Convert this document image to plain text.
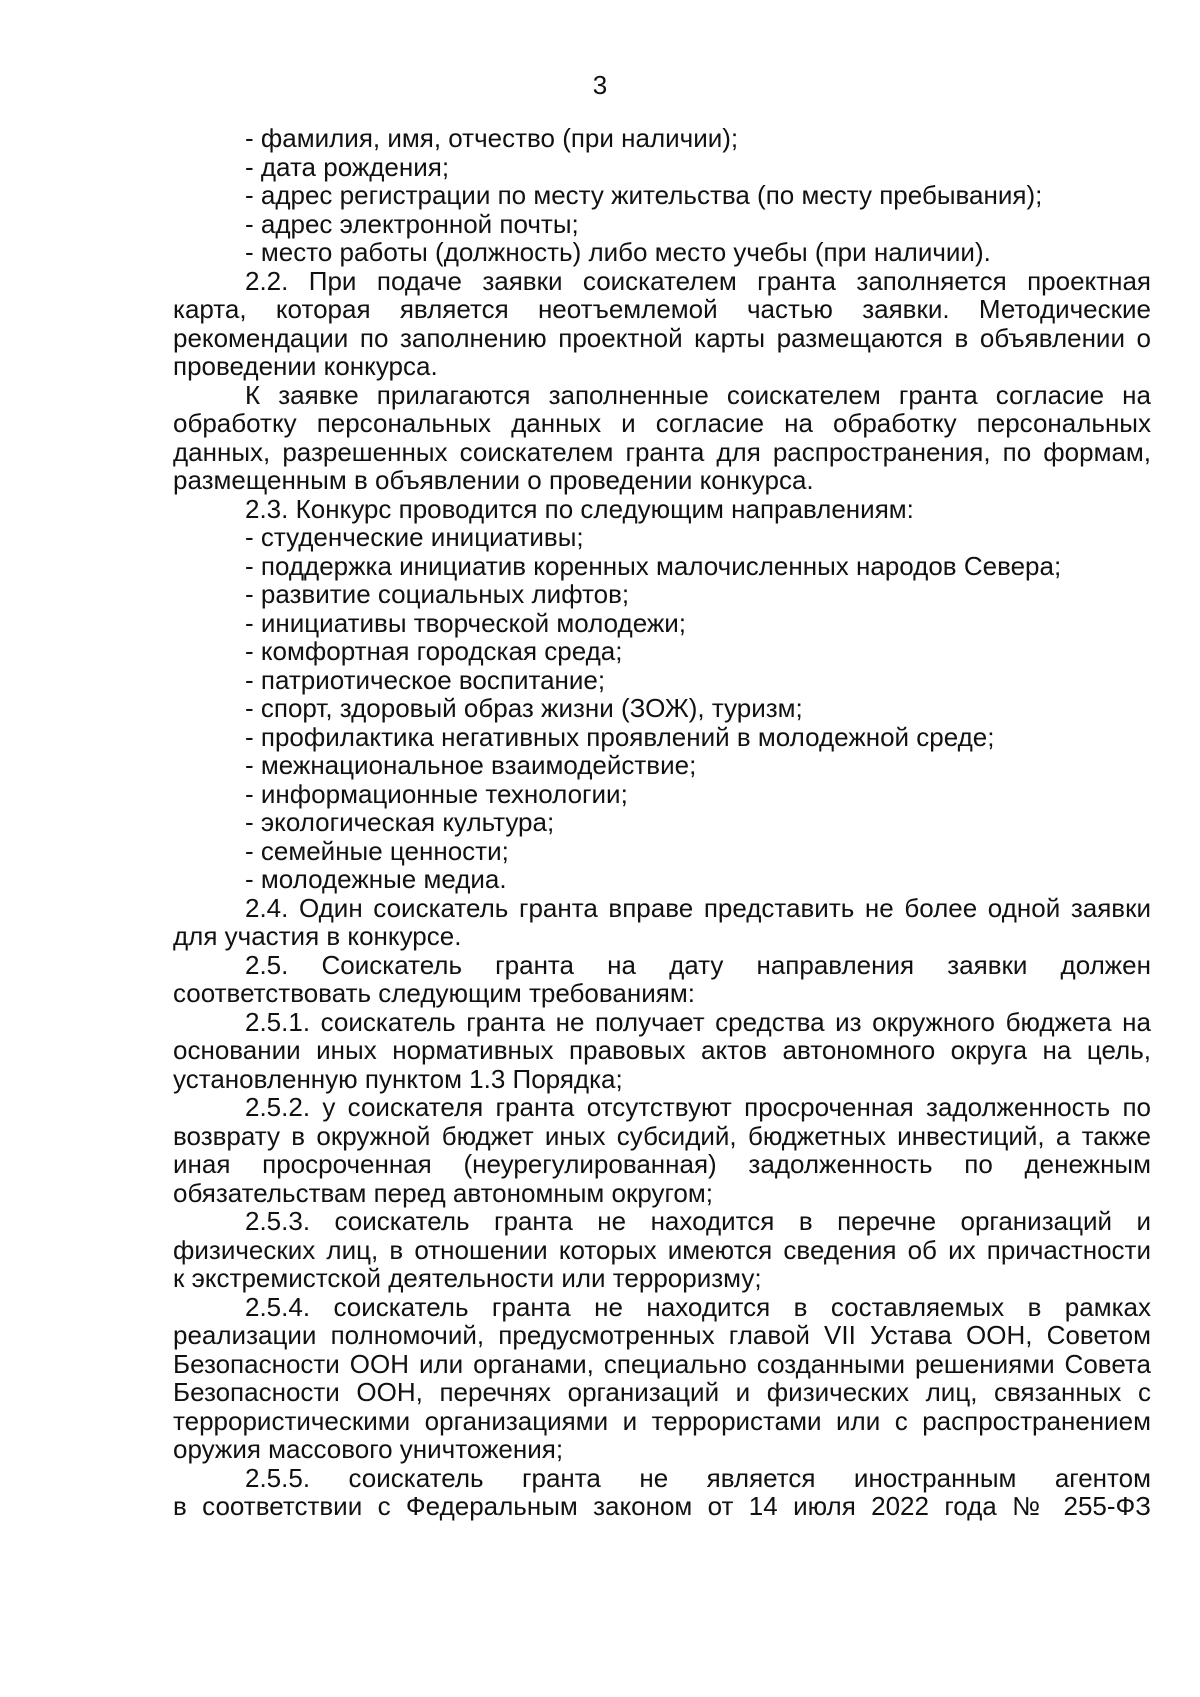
3
- фамилия, имя, отчество (при наличии);
- дата рождения;
- адрес регистрации по месту жительства (по месту пребывания);
- адрес электронной почты;
- место работы (должность) либо место учебы (при наличии).
2.2. При подаче заявки соискателем гранта заполняется проектная
карта, которая является неотъемлемой частью заявки. Методические
рекомендации по заполнению проектной карты размещаются в объявлении о
проведении конкурса.
К заявке прилагаются заполненные соискателем гранта согласие на
обработку персональных данных и согласие на обработку персональных
данных, разрешенных соискателем гранта для распространения, по формам,
размещенным в объявлении о проведении конкурса.
2.3. Конкурс проводится по следующим направлениям:
- студенческие инициативы;
- поддержка инициатив коренных малочисленных народов Севера;
- развитие социальных лифтов;
- инициативы творческой молодежи;
- комфортная городская среда;
- патриотическое воспитание;
- спорт, здоровый образ жизни (ЗОЖ), туризм;
- профилактика негативных проявлений в молодежной среде;
- межнациональное взаимодействие;
- информационные технологии;
- экологическая культура;
- семейные ценности;
- молодежные медиа.
2.4. Один соискатель гранта вправе представить не более одной заявки
для участия в конкурсе.
2.5. Соискатель гранта на дату направления заявки должен
соответствовать следующим требованиям:
2.5.1. соискатель гранта не получает средства из окружного бюджета на
основании иных нормативных правовых актов автономного округа на цель,
установленную пунктом 1.3 Порядка;
2.5.2. у соискателя гранта отсутствуют просроченная задолженность по
возврату в окружной бюджет иных субсидий, бюджетных инвестиций, а также
иная просроченная (неурегулированная) задолженность по денежным
обязательствам перед автономным округом;
2.5.3. соискатель гранта не находится в перечне организаций и
физических лиц, в отношении которых имеются сведения об их причастности
к экстремистской деятельности или терроризму;
2.5.4. соискатель гранта не находится в составляемых в рамках
реализации полномочий, предусмотренных главой VII Устава ООН, Советом
Безопасности ООН или органами, специально созданными решениями Совета
Безопасности ООН, перечнях организаций и физических лиц, связанных с
террористическими организациями и террористами или с распространением
оружия массового уничтожения;
2.5.5. соискатель гранта не является иностранным агентом
в соответствии с Федеральным законом от 14 июля 2022 года № 255-ФЗ
